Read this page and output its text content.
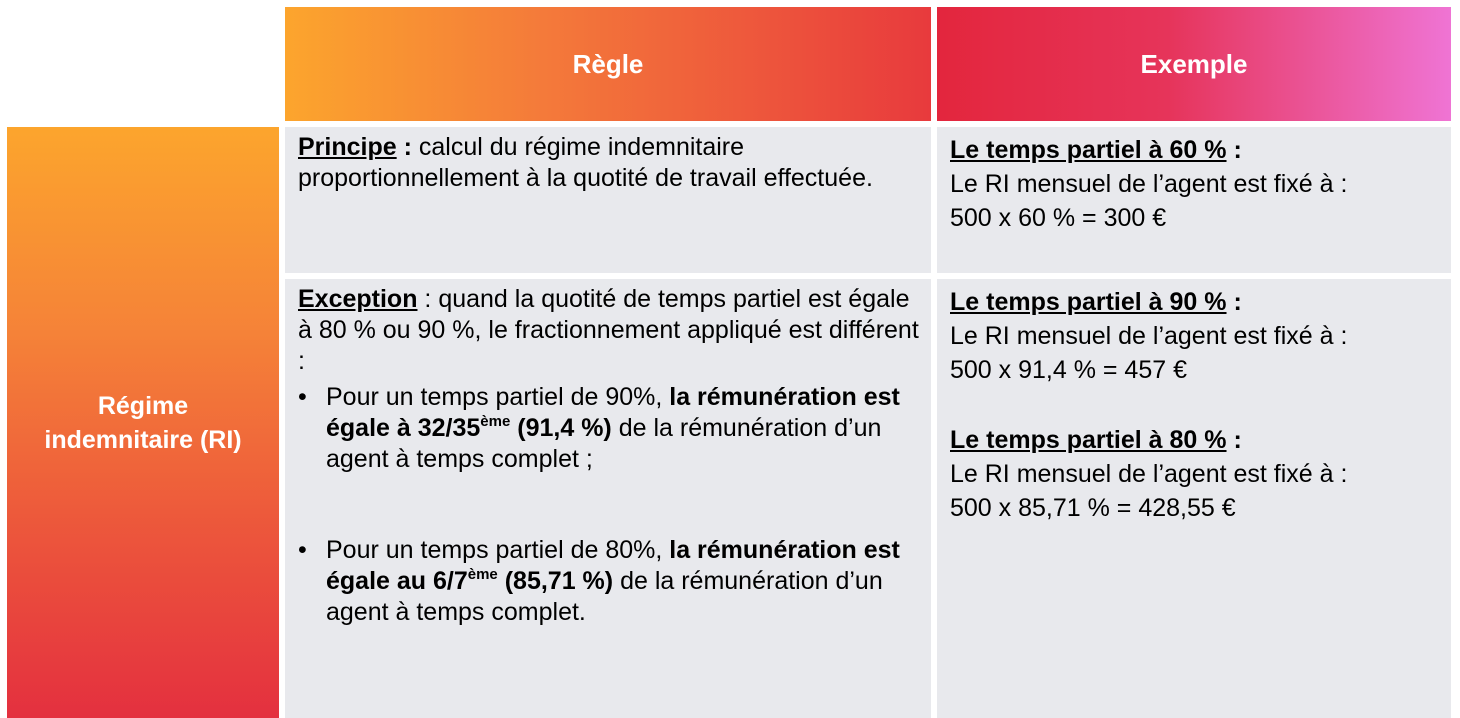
Règle	Exemple
Régime
indemnitaire (RI)

Principe : calcul du régime indemnitaire proportionnellement à la quotité de travail effectuée.

Le temps partiel à 60 % :
Le RI mensuel de l’agent est fixé à :
500 x 60 % = 300 €

Exception : quand la quotité de temps partiel est égale à 80 % ou 90 %, le fractionnement appliqué est différent :

• Pour un temps partiel de 90%, la rémunération est égale à 32/35ème (91,4 %) de la rémunération d’un agent à temps complet ;
• Pour un temps partiel de 80%, la rémunération est égale au 6/7ème (85,71 %) de la rémunération d’un agent à temps complet.
Le temps partiel à 90 % :
Le RI mensuel de l’agent est fixé à :
500 x 91,4 % = 457 €
Le temps partiel à 80 % :
Le RI mensuel de l’agent est fixé à :
500 x 85,71 % = 428,55 €
